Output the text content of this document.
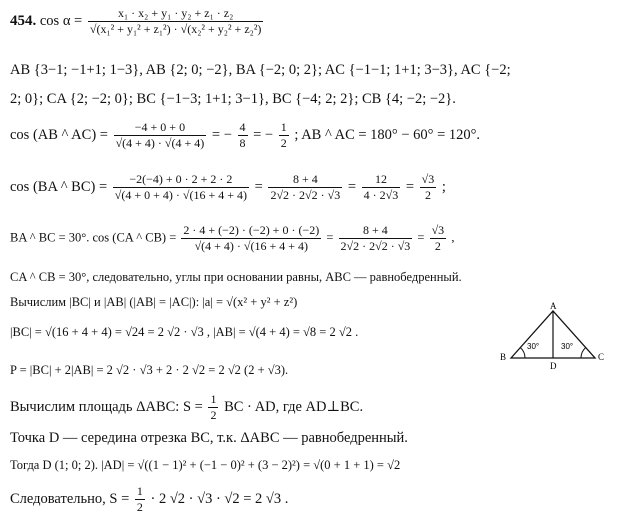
454. $\cos \alpha = \frac{\text{x₁ · x₂ + y₁ · y₂ + z₁ · z₂}}{\text{√(x₁² + y₁² + z₁²) · √(x₂² + y₂² + z₂²)}}$
AB {3−1; −1+1; 1−3}, AB {2; 0; −2}, BA {−2; 0; 2}; AC {−1−1; 1+1; 3−3}, AC {−2;
2; 0}; CA {2; −2; 0}; BC {−1−3; 1+1; 3−1}, BC {−4; 2; 2}; CB {4; −2; −2}.
cos (AB ^ $AC) = \frac{-4 + 0 + 0}{√(4 + 4) \cdot √(4 + 4)}$ = − $\frac{4}{8}$ = − $\frac{1}{2}$ ; AB ^ AC = 180° − 60° = 120°.
cos (BA ^ $BC) = \frac{-2(-4) + 0 \cdot 2 + 2 \cdot 2}{√(4 + 0 + 4) \cdot √(16 + 4 + 4)} = \frac{8 + 4}{2√2 \cdot 2√2 \cdot √3} = \frac{12}{4 \cdot 2√3} = \frac{√3}{2}$ ;
BA ^ BC = 30°. cos (CA ^ $CB) = \frac{2 \cdot 4 + (-2) \cdot (-2) + 0 \cdot (-2)}{√(4 + 4) \cdot √(16 + 4 + 4)} = \frac{8 + 4}{2√2 \cdot 2√2 \cdot √3} = \frac{√3}{2}$ ,
CA ^ CB = 30°, следовательно, углы при основании равны, ABC — равнобедренный.
Вычислим |BC| и |AB| (|AB| = |AC|): |a| = √(x² + y² + z²)
|BC| = √(16 + 4 + 4) = √24 = 2 √2 · √3 , |AB| = √(4 + 4) = √8 = 2 √2 .
P = |BC| + 2|AB| = 2 √2 · √3 + 2 · 2 √2 = 2 √2 (2 + √3).
Вычислим площадь ΔABC: $S = \frac{1}{2}$ BC · AD, где AD⊥BC.
Точка D — середина отрезка BC, т.к. ΔABC — равнобедренный.
Тогда D (1; 0; 2). |AD| = √((1 − 1)² + (−1 − 0)² + (3 − 2)²) = √(0 + 1 + 1) = √2
Следовательно, $S = \frac{1}{2} \cdot 2$ √2 · √3 · √2 = 2 √3 .
A
B	C
D
30°	30°
